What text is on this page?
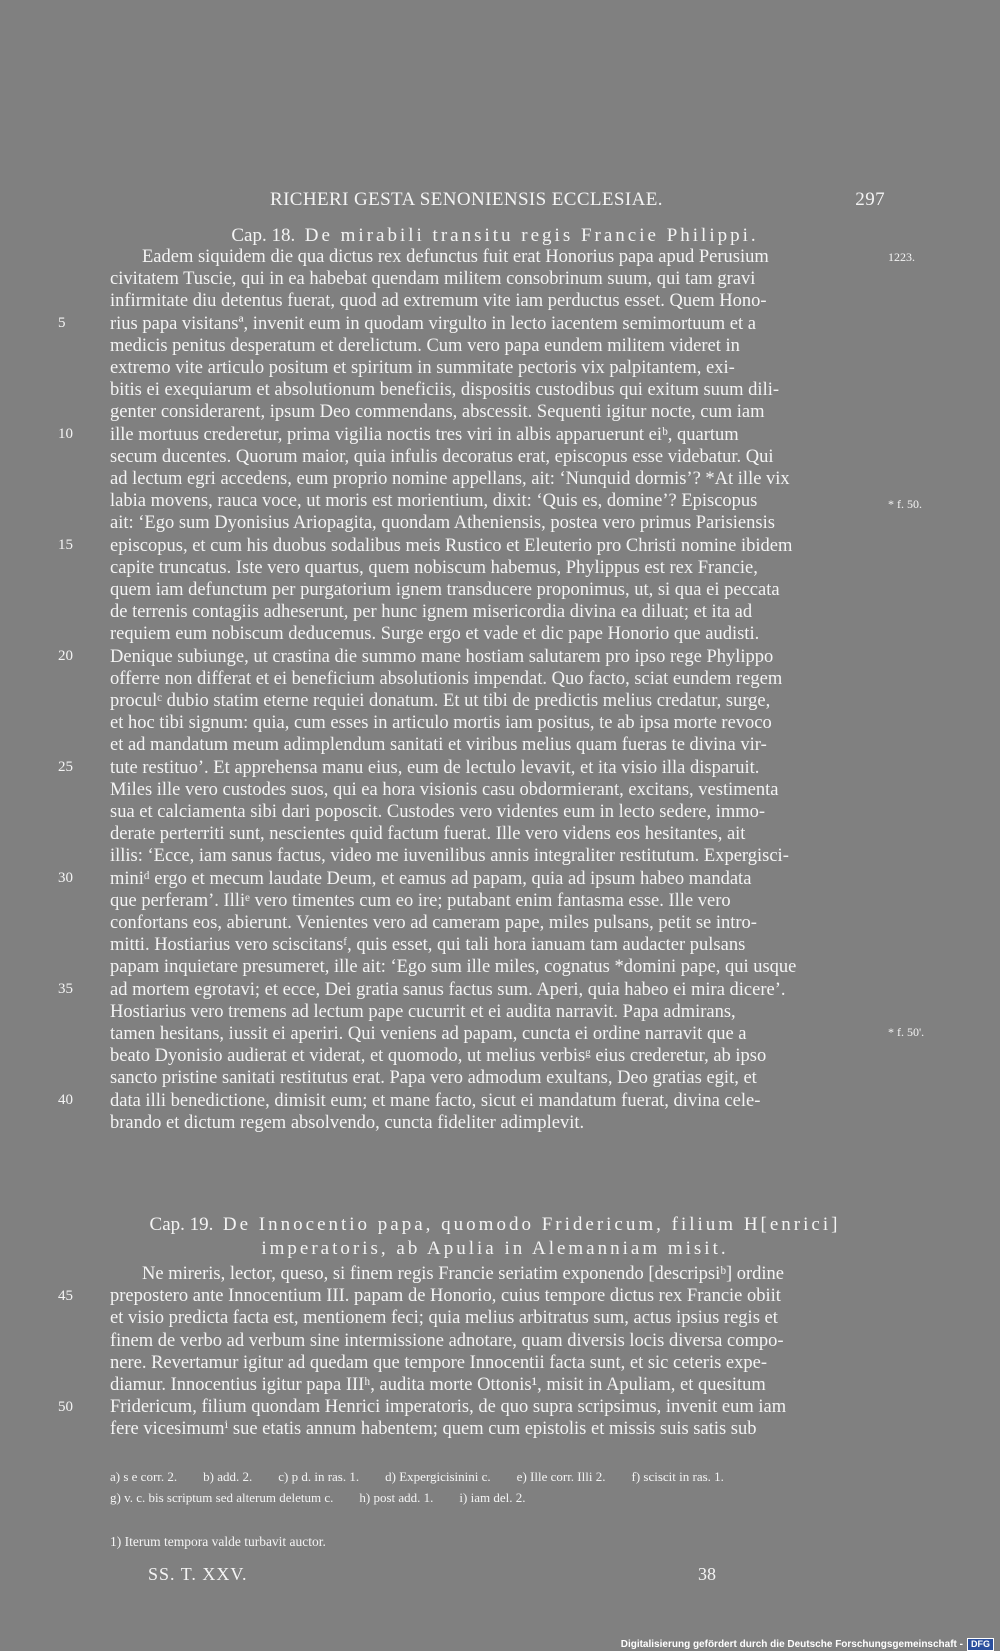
RICHERI GESTA SENONIENSIS ECCLESIAE.	297
Cap. 18. De mirabili transitu regis Francie Philippi.
Eadem siquidem die qua dictus rex defunctus fuit erat Honorius papa apud Perusium
civitatem Tuscie, qui in ea habebat quendam militem consobrinum suum, qui tam gravi
infirmitate diu detentus fuerat, quod ad extremum vite iam perductus esset. Quem Hono-
rius papa visitansª, invenit eum in quodam virgulto in lecto iacentem semimortuum et a
medicis penitus desperatum et derelictum. Cum vero papa eundem militem videret in
extremo vite articulo positum et spiritum in summitate pectoris vix palpitantem, exi-
bitis ei exequiarum et absolutionum beneficiis, dispositis custodibus qui exitum suum dili-
genter considerarent, ipsum Deo commendans, abscessit. Sequenti igitur nocte, cum iam
ille mortuus crederetur, prima vigilia noctis tres viri in albis apparuerunt eiᵇ, quartum
secum ducentes. Quorum maior, quia infulis decoratus erat, episcopus esse videbatur. Qui
ad lectum egri accedens, eum proprio nomine appellans, ait: ‘Nunquid dormis’? *At ille vix
labia movens, rauca voce, ut moris est morientium, dixit: ‘Quis es, domine’? Episcopus
ait: ‘Ego sum Dyonisius Ariopagita, quondam Atheniensis, postea vero primus Parisiensis
episcopus, et cum his duobus sodalibus meis Rustico et Eleuterio pro Christi nomine ibidem
capite truncatus. Iste vero quartus, quem nobiscum habemus, Phylippus est rex Francie,
quem iam defunctum per purgatorium ignem transducere proponimus, ut, si qua ei peccata
de terrenis contagiis adheserunt, per hunc ignem misericordia divina ea diluat; et ita ad
requiem eum nobiscum deducemus. Surge ergo et vade et dic pape Honorio que audisti.
Denique subiunge, ut crastina die summo mane hostiam salutarem pro ipso rege Phylippo
offerre non differat et ei beneficium absolutionis impendat. Quo facto, sciat eundem regem
proculᶜ dubio statim eterne requiei donatum. Et ut tibi de predictis melius credatur, surge,
et hoc tibi signum: quia, cum esses in articulo mortis iam positus, te ab ipsa morte revoco
et ad mandatum meum adimplendum sanitati et viribus melius quam fueras te divina vir-
tute restituo’. Et apprehensa manu eius, eum de lectulo levavit, et ita visio illa disparuit.
Miles ille vero custodes suos, qui ea hora visionis casu obdormierant, excitans, vestimenta
sua et calciamenta sibi dari poposcit. Custodes vero videntes eum in lecto sedere, immo-
derate perterriti sunt, nescientes quid factum fuerat. Ille vero videns eos hesitantes, ait
illis: ‘Ecce, iam sanus factus, video me iuvenilibus annis integraliter restitutum. Expergisci-
miniᵈ ergo et mecum laudate Deum, et eamus ad papam, quia ad ipsum habeo mandata
que perferam’. Illiᵉ vero timentes cum eo ire; putabant enim fantasma esse. Ille vero
confortans eos, abierunt. Venientes vero ad cameram pape, miles pulsans, petit se intro-
mitti. Hostiarius vero sciscitansᶠ, quis esset, qui tali hora ianuam tam audacter pulsans
papam inquietare presumeret, ille ait: ‘Ego sum ille miles, cognatus *domini pape, qui usque
ad mortem egrotavi; et ecce, Dei gratia sanus factus sum. Aperi, quia habeo ei mira dicere’.
Hostiarius vero tremens ad lectum pape cucurrit et ei audita narravit. Papa admirans,
tamen hesitans, iussit ei aperiri. Qui veniens ad papam, cuncta ei ordine narravit que a
beato Dyonisio audierat et viderat, et quomodo, ut melius verbisᵍ eius crederetur, ab ipso
sancto pristine sanitati restitutus erat. Papa vero admodum exultans, Deo gratias egit, et
data illi benedictione, dimisit eum; et mane facto, sicut ei mandatum fuerat, divina cele-
brando et dictum regem absolvendo, cuncta fideliter adimplevit.
Cap. 19. De Innocentio papa, quomodo Fridericum, filium H[enrici]
imperatoris, ab Apulia in Alemanniam misit.
Ne mireris, lector, queso, si finem regis Francie seriatim exponendo [descripsiᵇ] ordine
prepostero ante Innocentium III. papam de Honorio, cuius tempore dictus rex Francie obiit
et visio predicta facta est, mentionem feci; quia melius arbitratus sum, actus ipsius regis et
finem de verbo ad verbum sine intermissione adnotare, quam diversis locis diversa compo-
nere. Revertamur igitur ad quedam que tempore Innocentii facta sunt, et sic ceteris expe-
diamur. Innocentius igitur papa IIIʰ, audita morte Ottonis¹, misit in Apuliam, et quesitum
Fridericum, filium quondam Henrici imperatoris, de quo supra scripsimus, invenit eum iam
fere vicesimumⁱ sue etatis annum habentem; quem cum epistolis et missis suis satis sub
5
10
15
20
25
30
35
40
45
50
1223.
* f. 50.
* f. 50'.
a) s e corr. 2. b) add. 2. c) p d. in ras. 1. d) Expergicisinini c. e) Ille corr. Illi 2. f) sciscit in ras. 1.
g) v. c. bis scriptum sed alterum deletum c. h) post add. 1. i) iam del. 2.
1) Iterum tempora valde turbavit auctor.
SS. T. XXV.	38
Digitalisierung gefördert durch die Deutsche Forschungsgemeinschaft - DFG
